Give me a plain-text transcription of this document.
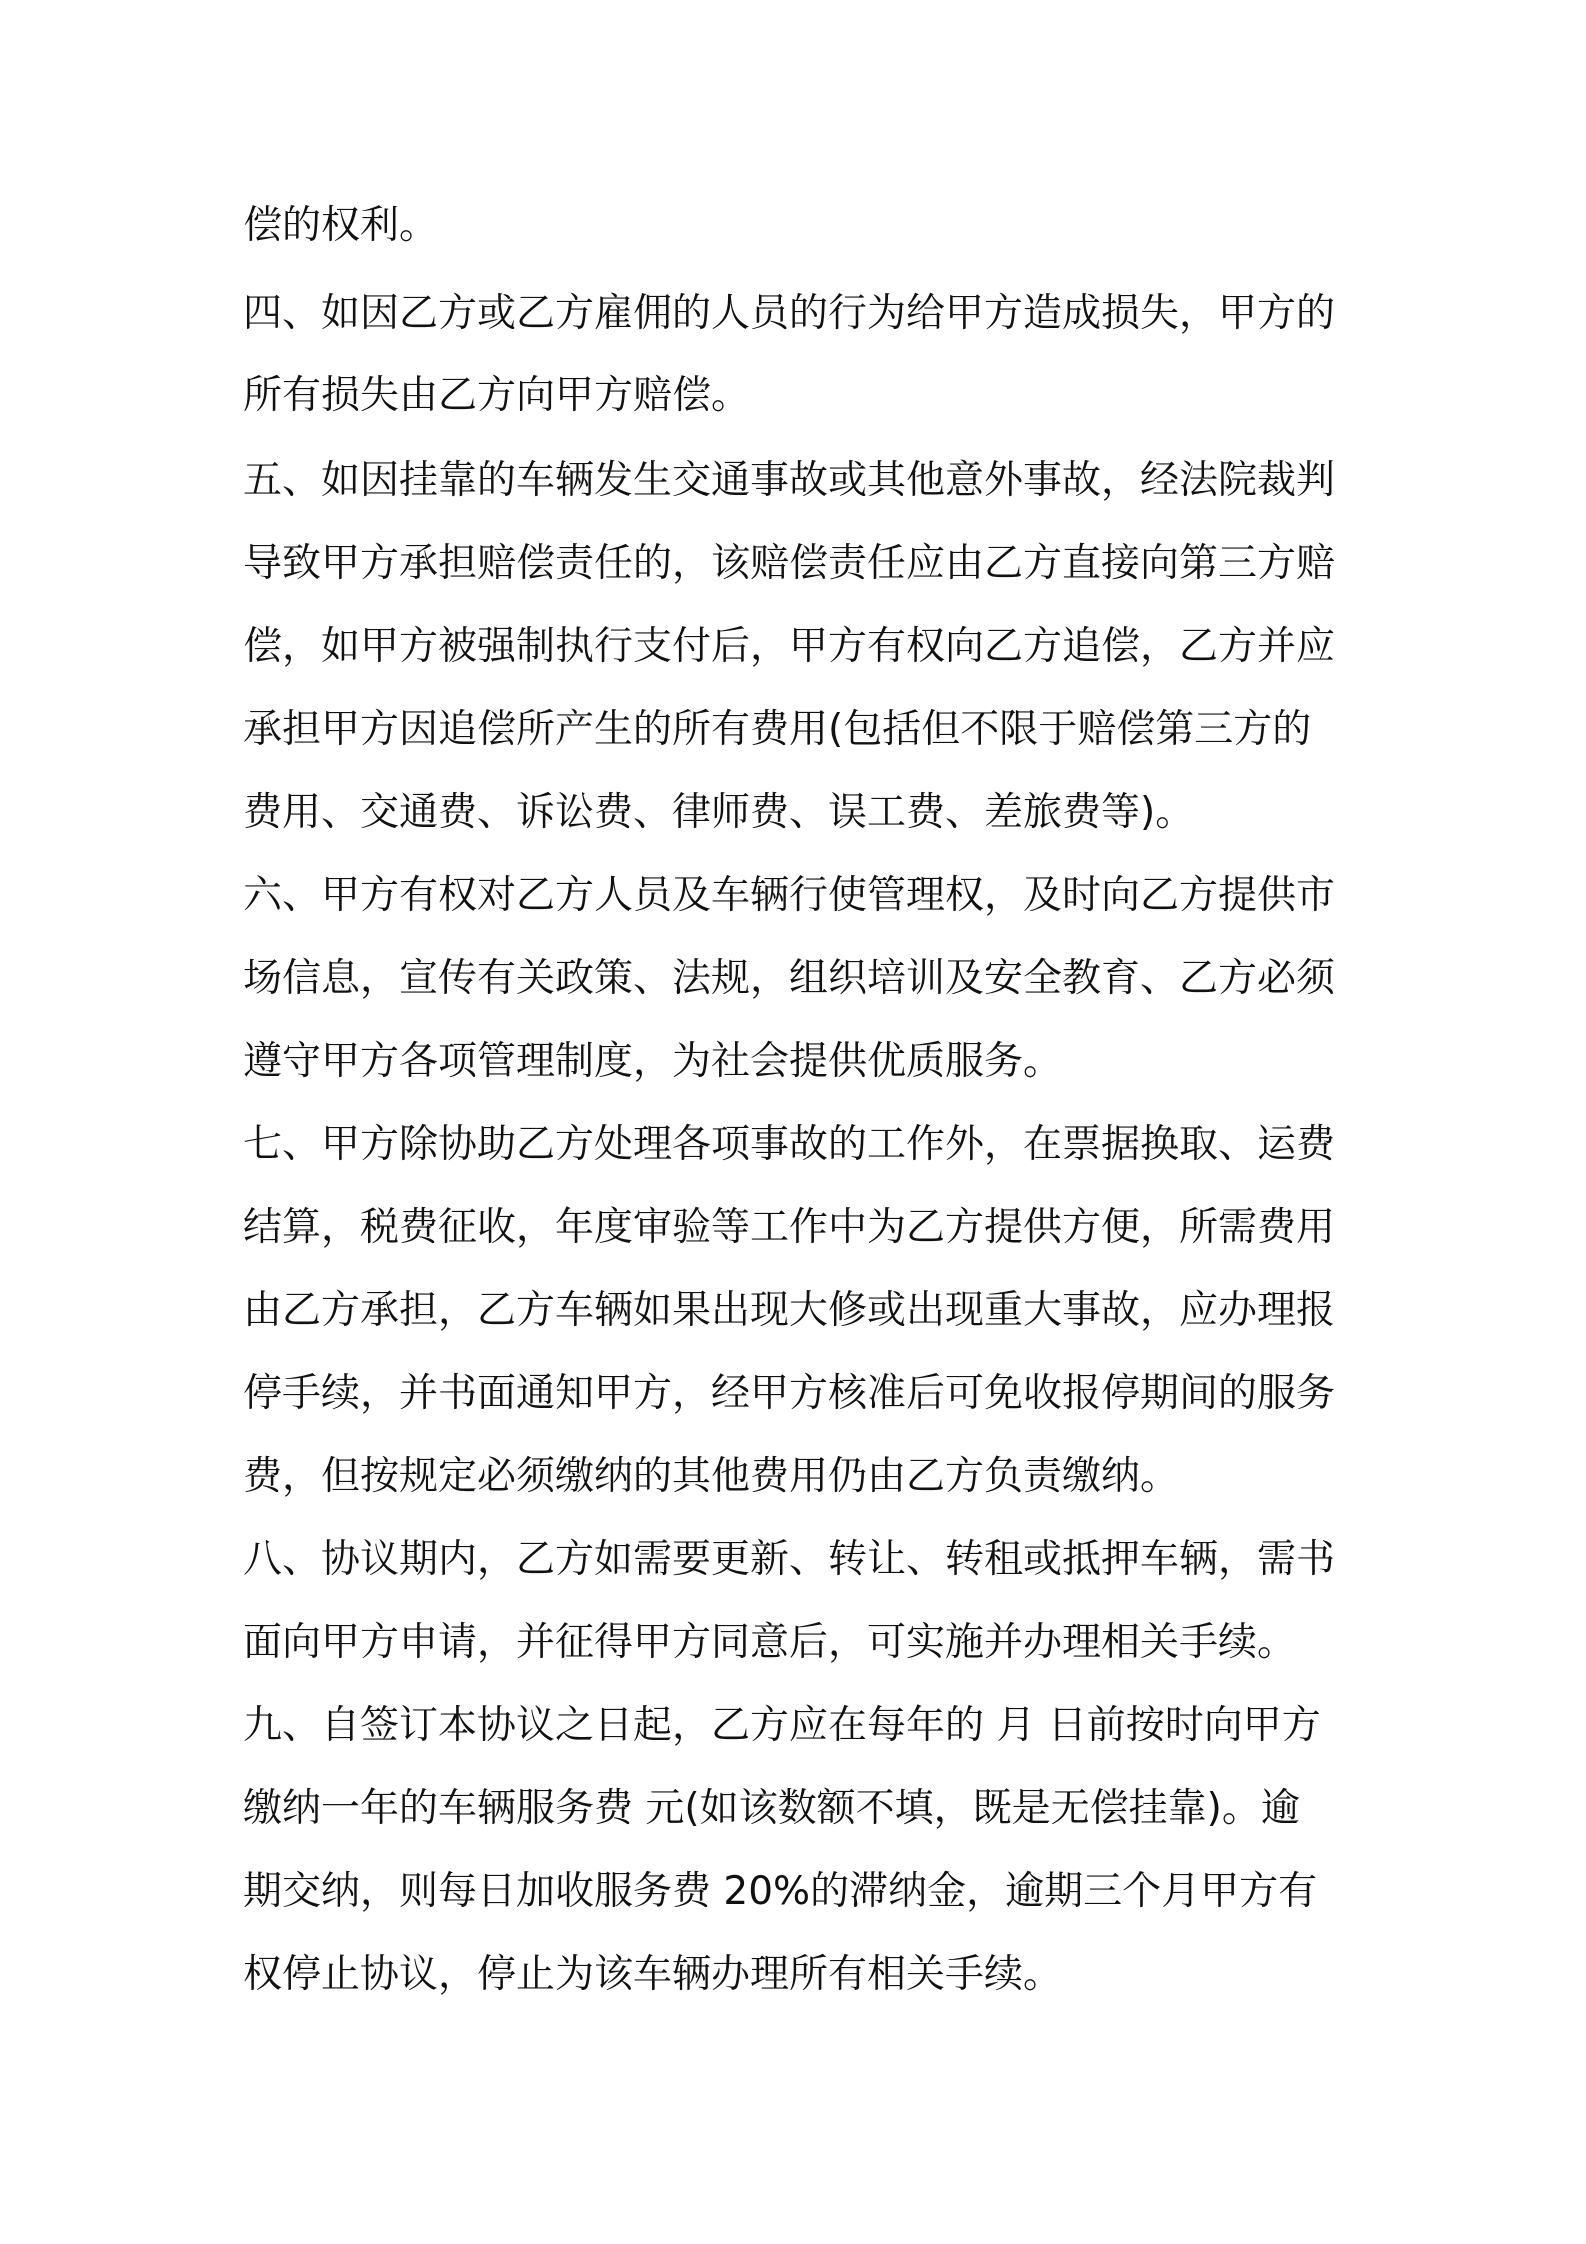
偿的权利。
四、如因乙方或乙方雇佣的人员的行为给甲方造成损失，甲方的
所有损失由乙方向甲方赔偿。
五、如因挂靠的车辆发生交通事故或其他意外事故，经法院裁判
导致甲方承担赔偿责任的，该赔偿责任应由乙方直接向第三方赔
偿，如甲方被强制执行支付后，甲方有权向乙方追偿，乙方并应
承担甲方因追偿所产生的所有费用(包括但不限于赔偿第三方的
费用、交通费、诉讼费、律师费、误工费、差旅费等)。
六、甲方有权对乙方人员及车辆行使管理权，及时向乙方提供市
场信息，宣传有关政策、法规，组织培训及安全教育、乙方必须
遵守甲方各项管理制度，为社会提供优质服务。
七、甲方除协助乙方处理各项事故的工作外，在票据换取、运费
结算，税费征收，年度审验等工作中为乙方提供方便，所需费用
由乙方承担，乙方车辆如果出现大修或出现重大事故，应办理报
停手续，并书面通知甲方，经甲方核准后可免收报停期间的服务
费，但按规定必须缴纳的其他费用仍由乙方负责缴纳。
八、协议期内，乙方如需要更新、转让、转租或抵押车辆，需书
面向甲方申请，并征得甲方同意后，可实施并办理相关手续。
九、自签订本协议之日起，乙方应在每年的 月 日前按时向甲方
缴纳一年的车辆服务费 元(如该数额不填，既是无偿挂靠)。逾
期交纳，则每日加收服务费 20%的滞纳金，逾期三个月甲方有
权停止协议，停止为该车辆办理所有相关手续。
